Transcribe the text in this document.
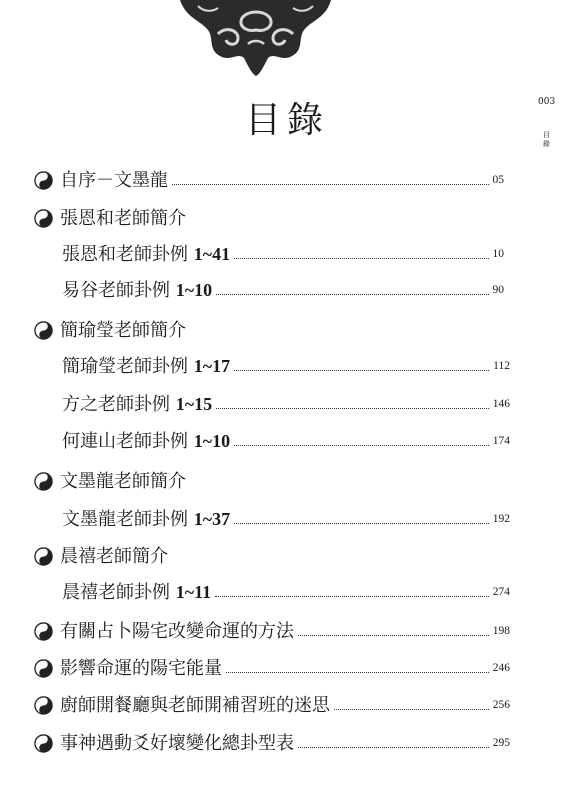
目錄	003
目錄
自序－文墨龍	05
張恩和老師簡介
張恩和老師卦例 1~41	10
易谷老師卦例 1~10	90
簡瑜瑩老師簡介
簡瑜瑩老師卦例 1~17	112
方之老師卦例 1~15	146
何連山老師卦例 1~10	174
文墨龍老師簡介
文墨龍老師卦例 1~37	192
晨禧老師簡介
晨禧老師卦例 1~11	274
有關占卜陽宅改變命運的方法	198
影響命運的陽宅能量	246
廚師開餐廳與老師開補習班的迷思	256
事神遇動爻好壞變化總卦型表	295
